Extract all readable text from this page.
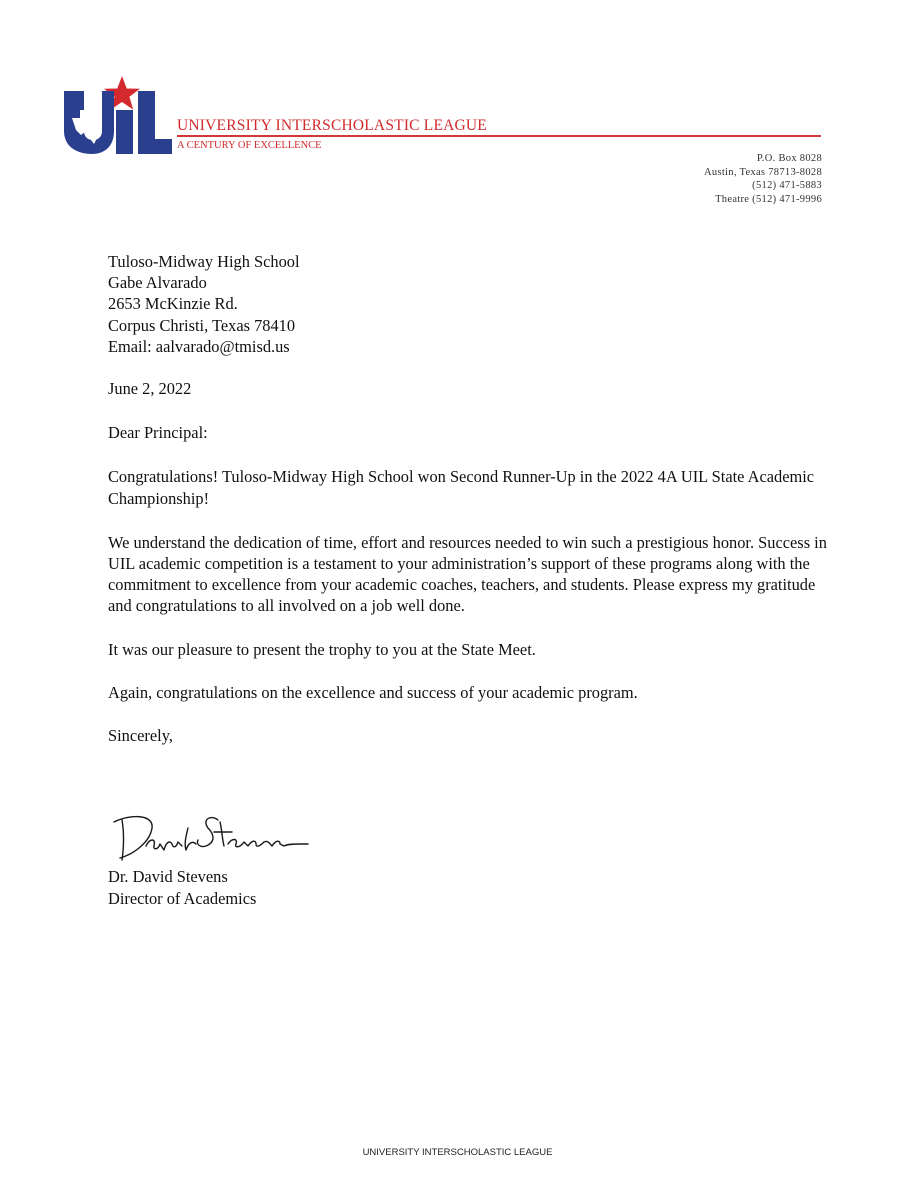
UNIVERSITY INTERSCHOLASTIC LEAGUE
A CENTURY OF EXCELLENCE
P.O. Box 8028
Austin, Texas 78713-8028
(512) 471-5883
Theatre (512) 471-9996
Tuloso-Midway High School
Gabe Alvarado
2653 McKinzie Rd.
Corpus Christi, Texas 78410
Email: aalvarado@tmisd.us

June 2, 2022

Dear Principal:

Congratulations! Tuloso-Midway High School won Second Runner-Up in the 2022 4A UIL State Academic Championship!

We understand the dedication of time, effort and resources needed to win such a prestigious honor. Success in UIL academic competition is a testament to your administration’s support of these programs along with the commitment to excellence from your academic coaches, teachers, and students. Please express my gratitude and congratulations to all involved on a job well done.

It was our pleasure to present the trophy to you at the State Meet.

Again, congratulations on the excellence and success of your academic program.

Sincerely,

Dr. David Stevens
Director of Academics
UNIVERSITY INTERSCHOLASTIC LEAGUE
